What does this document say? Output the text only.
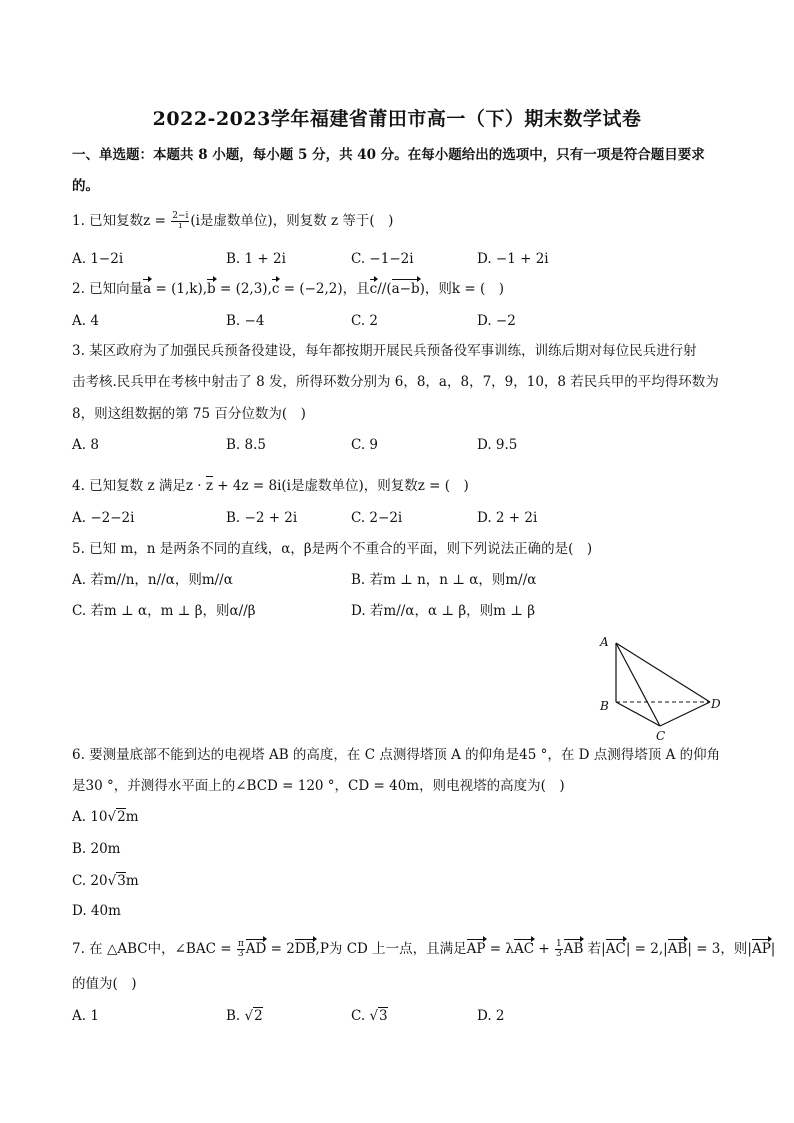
2022-2023学年福建省莆田市高一（下）期末数学试卷
一、单选题：本题共 8 小题，每小题 5 分，共 40 分。在每小题给出的选项中，只有一项是符合题目要求
的。
1. 已知复数$z = \frac{2-i}{i} (i$是虚数单位)，则复数 z 等于(　)
A. 1−2i	B. 1 + 2i	C. −1−2i	D. −1 + 2i
2. 已知向量a = (1,k),b = (2,3),c = (−2,2)，且c//(a−b)，则k = (　)
A. 4	B. −4	C. 2	D. −2
3. 某区政府为了加强民兵预备役建设，每年都按期开展民兵预备役军事训练，训练后期对每位民兵进行射
击考核.民兵甲在考核中射击了 8 发，所得环数分别为 6，8，a，8，7，9，10，8 若民兵甲的平均得环数为
8，则这组数据的第 75 百分位数为(　)
A. 8	B. 8.5	C. 9	D. 9.5
4. 已知复数 z 满足z · z + 4z = 8i(i是虚数单位)，则复数z = (　)
A. −2−2i	B. −2 + 2i	C. 2−2i	D. 2 + 2i
5. 已知 m，n 是两条不同的直线，α，β是两个不重合的平面，则下列说法正确的是(　)
A. 若m//n，n//α，则m//α	B. 若m ⊥ n，n ⊥ α，则m//α
C. 若m ⊥ α，m ⊥ β，则α//β	D. 若m//α，α ⊥ β，则m ⊥ β
A
B
C
D
6. 要测量底部不能到达的电视塔 AB 的高度，在 C 点测得塔顶 A 的仰角是45 °，在 D 点测得塔顶 A 的仰角
是30 °，并测得水平面上的∠BCD = 120 °，CD = 40m，则电视塔的高度为(　)
A. 10√2m
B. 20m
C. 20√3m
D. 40m
7. 在 △ABC中，∠BAC = $\frac{\pi}{3}$ AD = 2DB,P为 CD 上一点，且满足AP = $\lambda AC + \frac{1}{3}$ AB 若|AC| = 2,|AB| = 3，则|AP|
的值为(　)
A. 1	B. √2	C. √3	D. 2
